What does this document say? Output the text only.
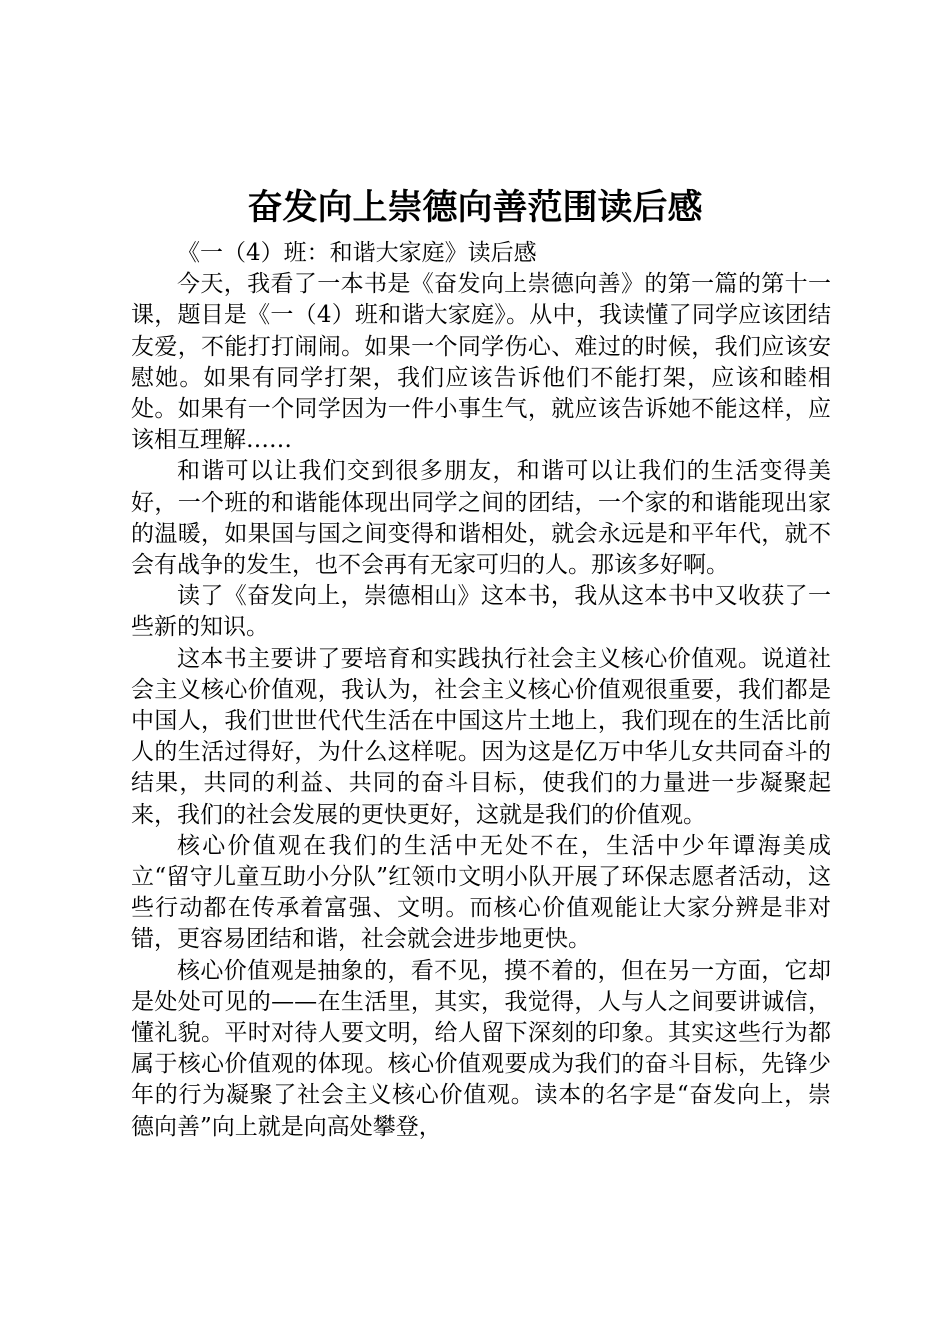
奋发向上崇德向善范围读后感

《一（4）班：和谐大家庭》读后感

今天，我看了一本书是《奋发向上崇德向善》的第一篇的第十一课，题目是《一（4）班和谐大家庭》。从中，我读懂了同学应该团结友爱，不能打打闹闹。如果一个同学伤心、难过的时候，我们应该安慰她。如果有同学打架，我们应该告诉他们不能打架，应该和睦相处。如果有一个同学因为一件小事生气，就应该告诉她不能这样，应该相互理解……

和谐可以让我们交到很多朋友，和谐可以让我们的生活变得美好，一个班的和谐能体现出同学之间的团结，一个家的和谐能现出家的温暖，如果国与国之间变得和谐相处，就会永远是和平年代，就不会有战争的发生，也不会再有无家可归的人。那该多好啊。

读了《奋发向上，崇德相山》这本书，我从这本书中又收获了一些新的知识。

这本书主要讲了要培育和实践执行社会主义核心价值观。说道社会主义核心价值观，我认为，社会主义核心价值观很重要，我们都是中国人，我们世世代代生活在中国这片土地上，我们现在的生活比前人的生活过得好，为什么这样呢。因为这是亿万中华儿女共同奋斗的结果，共同的利益、共同的奋斗目标，使我们的力量进一步凝聚起来，我们的社会发展的更快更好，这就是我们的价值观。

核心价值观在我们的生活中无处不在，生活中少年谭海美成立“留守儿童互助小分队”红领巾文明小队开展了环保志愿者活动，这些行动都在传承着富强、文明。而核心价值观能让大家分辨是非对错，更容易团结和谐，社会就会进步地更快。

核心价值观是抽象的，看不见，摸不着的，但在另一方面，它却是处处可见的——在生活里，其实，我觉得，人与人之间要讲诚信，懂礼貌。平时对待人要文明，给人留下深刻的印象。其实这些行为都属于核心价值观的体现。核心价值观要成为我们的奋斗目标，先锋少年的行为凝聚了社会主义核心价值观。读本的名字是“奋发向上，崇德向善”向上就是向高处攀登，
